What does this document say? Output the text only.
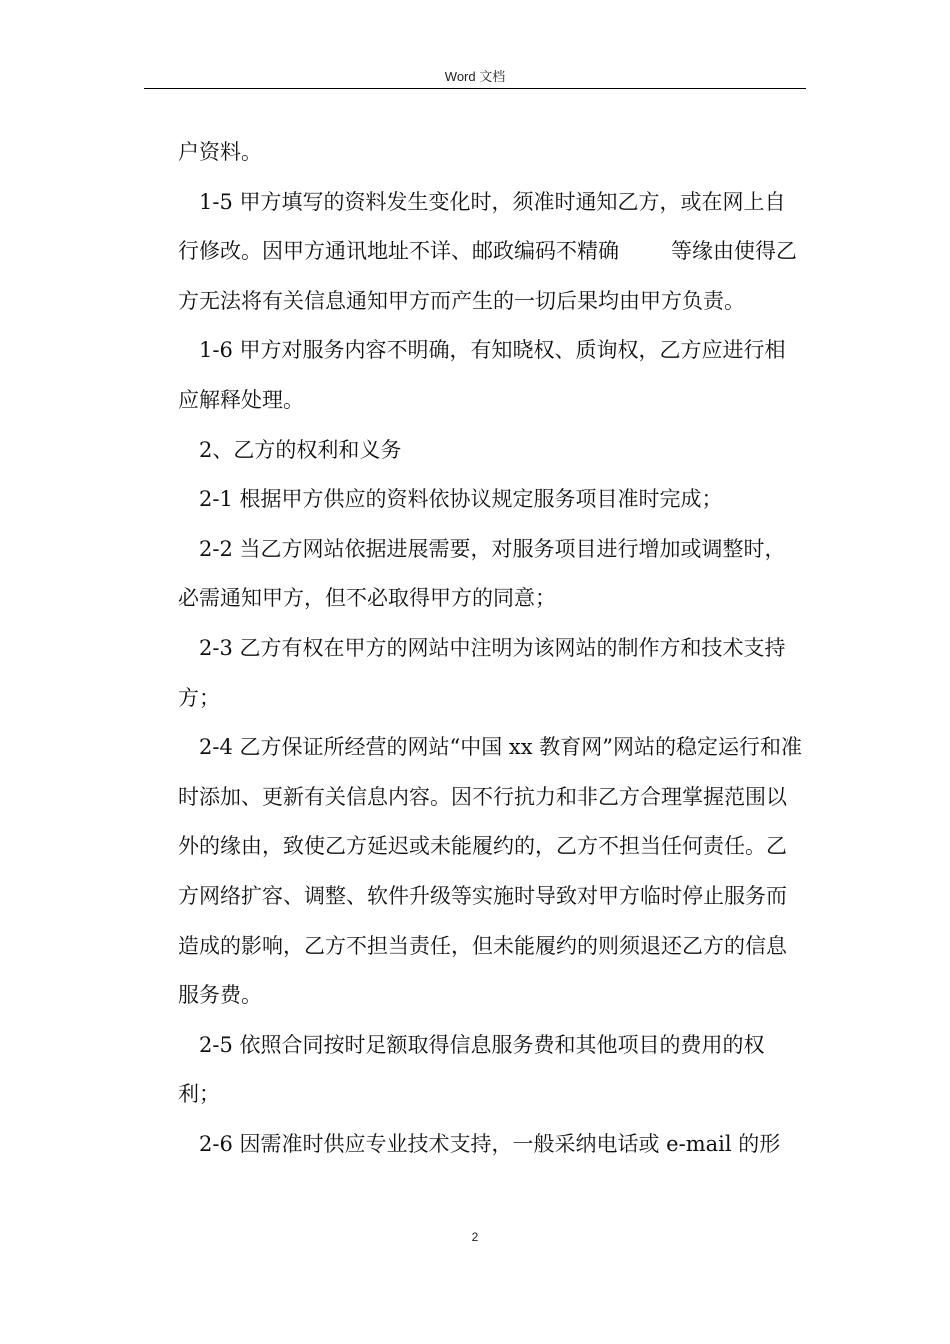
Word 文档

户资料。

1-5 甲方填写的资料发生变化时，须准时通知乙方，或在网上自行修改。因甲方通讯地址不详、邮政编码不精确 等缘由使得乙方无法将有关信息通知甲方而产生的一切后果均由甲方负责。

1-6 甲方对服务内容不明确，有知晓权、质询权，乙方应进行相应解释处理。

2、乙方的权利和义务

2-1 根据甲方供应的资料依协议规定服务项目准时完成；

2-2 当乙方网站依据进展需要，对服务项目进行增加或调整时，必需通知甲方，但不必取得甲方的同意；

2-3 乙方有权在甲方的网站中注明为该网站的制作方和技术支持方；

2-4 乙方保证所经营的网站“中国 xx 教育网”网站的稳定运行和准时添加、更新有关信息内容。因不行抗力和非乙方合理掌握范围以外的缘由，致使乙方延迟或未能履约的，乙方不担当任何责任。乙方网络扩容、调整、软件升级等实施时导致对甲方临时停止服务而造成的影响，乙方不担当责任，但未能履约的则须退还乙方的信息服务费。

2-5 依照合同按时足额取得信息服务费和其他项目的费用的权利；

2-6 因需准时供应专业技术支持，一般采纳电话或 e-mail 的形

2
